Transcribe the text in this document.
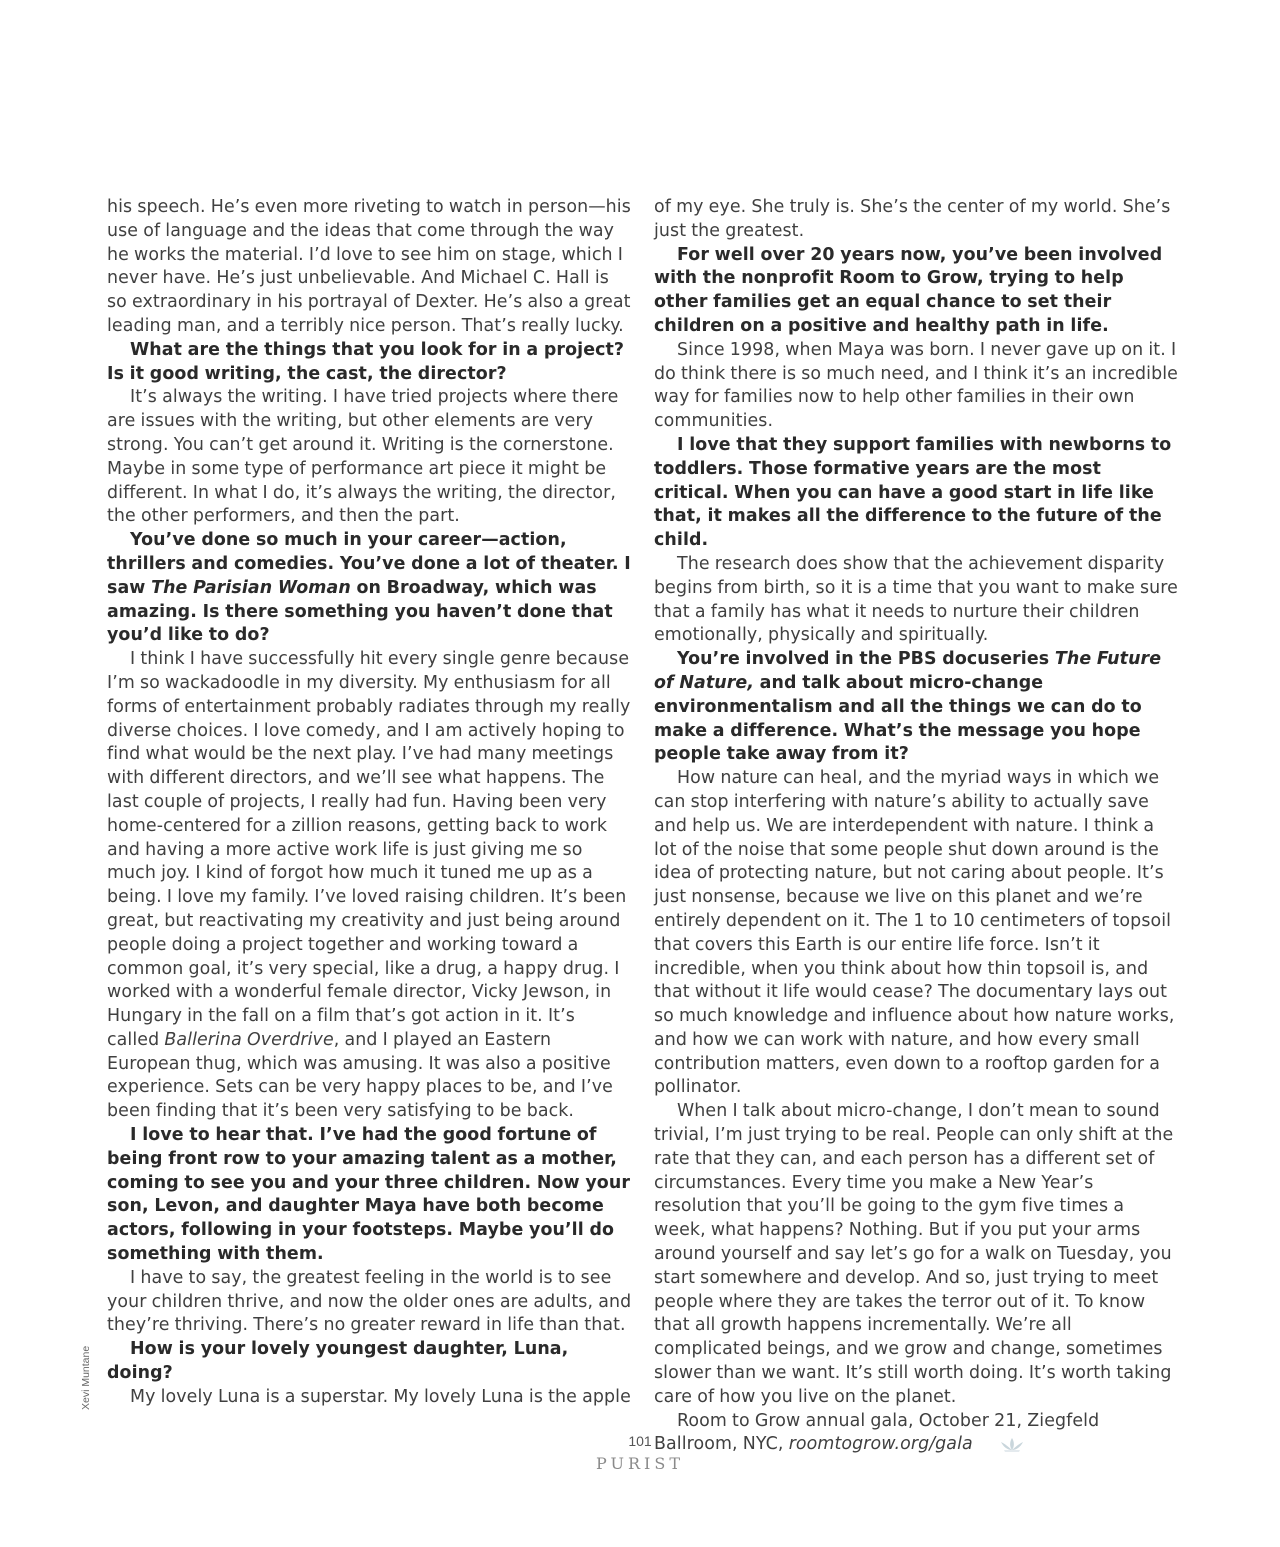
his speech. He’s even more riveting to watch in person—his use of language and the ideas that come through the way he works the material. I’d love to see him on stage, which I never have. He’s just unbelievable. And Michael C. Hall is so extraordinary in his portrayal of Dexter. He’s also a great leading man, and a terribly nice person. That’s really lucky.

What are the things that you look for in a project? Is it good writing, the cast, the director?

It’s always the writing. I have tried projects where there are issues with the writing, but other elements are very strong. You can’t get around it. Writing is the cornerstone. Maybe in some type of performance art piece it might be different. In what I do, it’s always the writing, the director, the other performers, and then the part.

You’ve done so much in your career—action, thrillers and comedies. You’ve done a lot of theater. I saw The Parisian Woman on Broadway, which was amazing. Is there something you haven’t done that you’d like to do?

I think I have successfully hit every single genre because I’m so wackadoodle in my diversity. My enthusiasm for all forms of entertainment probably radiates through my really diverse choices. I love comedy, and I am actively hoping to find what would be the next play. I’ve had many meetings with different directors, and we’ll see what happens. The last couple of projects, I really had fun. Having been very home-centered for a zillion reasons, getting back to work and having a more active work life is just giving me so much joy. I kind of forgot how much it tuned me up as a being. I love my family. I’ve loved raising children. It’s been great, but reactivating my creativity and just being around people doing a project together and working toward a common goal, it’s very special, like a drug, a happy drug. I worked with a wonderful female director, Vicky Jewson, in Hungary in the fall on a film that’s got action in it. It’s called Ballerina Overdrive, and I played an Eastern European thug, which was amusing. It was also a positive experience. Sets can be very happy places to be, and I’ve been finding that it’s been very satisfying to be back.

I love to hear that. I’ve had the good fortune of being front row to your amazing talent as a mother, coming to see you and your three children. Now your son, Levon, and daughter Maya have both become actors, following in your footsteps. Maybe you’ll do something with them.

I have to say, the greatest feeling in the world is to see your children thrive, and now the older ones are adults, and they’re thriving. There’s no greater reward in life than that.

How is your lovely youngest daughter, Luna, doing?

My lovely Luna is a superstar. My lovely Luna is the apple

of my eye. She truly is. She’s the center of my world. She’s just the greatest.

For well over 20 years now, you’ve been involved with the nonprofit Room to Grow, trying to help other families get an equal chance to set their children on a positive and healthy path in life.

Since 1998, when Maya was born. I never gave up on it. I do think there is so much need, and I think it’s an incredible way for families now to help other families in their own communities.

I love that they support families with newborns to toddlers. Those formative years are the most critical. When you can have a good start in life like that, it makes all the difference to the future of the child.

The research does show that the achievement disparity begins from birth, so it is a time that you want to make sure that a family has what it needs to nurture their children emotionally, physically and spiritually.

You’re involved in the PBS docuseries The Future of Nature, and talk about micro-change environmentalism and all the things we can do to make a difference. What’s the message you hope people take away from it?

How nature can heal, and the myriad ways in which we can stop interfering with nature’s ability to actually save and help us. We are interdependent with nature. I think a lot of the noise that some people shut down around is the idea of protecting nature, but not caring about people. It’s just nonsense, because we live on this planet and we’re entirely dependent on it. The 1 to 10 centimeters of topsoil that covers this Earth is our entire life force. Isn’t it incredible, when you think about how thin topsoil is, and that without it life would cease? The documentary lays out so much knowledge and influence about how nature works, and how we can work with nature, and how every small contribution matters, even down to a rooftop garden for a pollinator.

When I talk about micro-change, I don’t mean to sound trivial, I’m just trying to be real. People can only shift at the rate that they can, and each person has a different set of circumstances. Every time you make a New Year’s resolution that you’ll be going to the gym five times a week, what happens? Nothing. But if you put your arms around yourself and say let’s go for a walk on Tuesday, you start somewhere and develop. And so, just trying to meet people where they are takes the terror out of it. To know that all growth happens incrementally. We’re all complicated beings, and we grow and change, sometimes slower than we want. It’s still worth doing. It’s worth taking care of how you live on the planet.

Room to Grow annual gala, October 21, Ziegfeld Ballroom, NYC, roomtogrow.org/gala

Xevi Muntane
101
PURIST
